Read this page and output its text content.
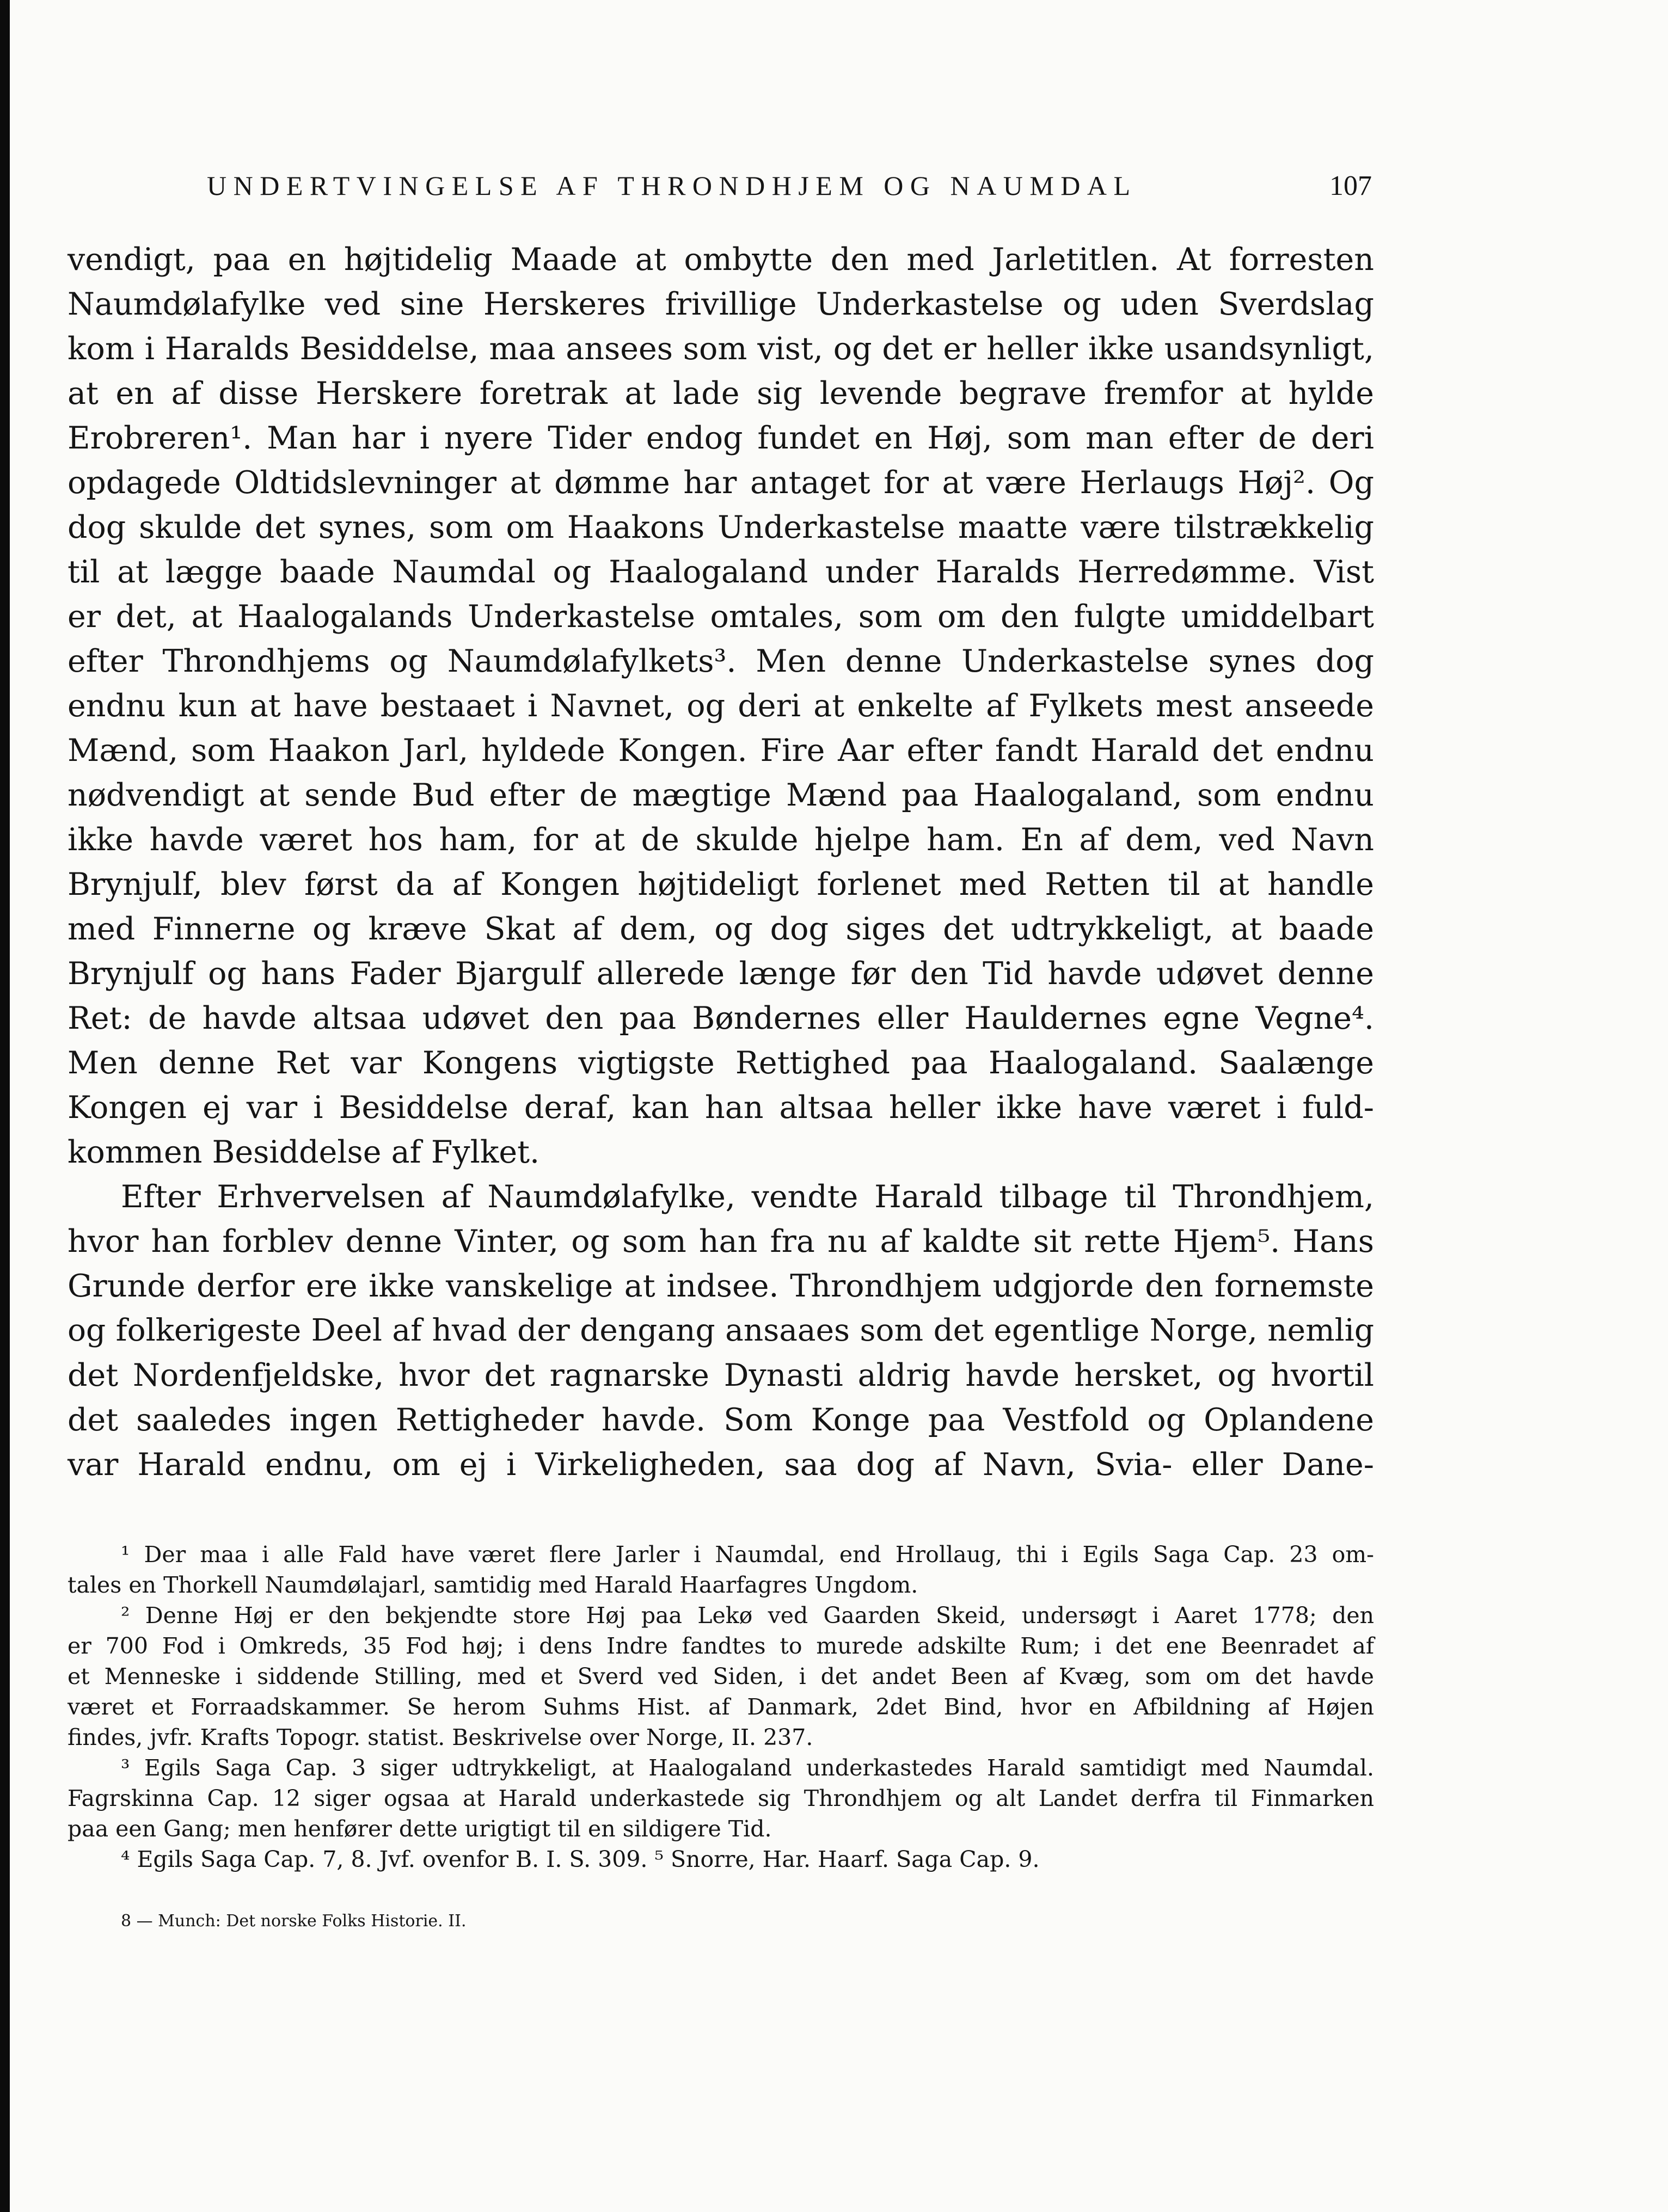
UNDERTVINGELSE AF THRONDHJEM OG NAUMDAL	107
vendigt, paa en højtidelig Maade at ombytte den med Jarletitlen. At forresten
Naumdølafylke ved sine Herskeres frivillige Underkastelse og uden Sverdslag
kom i Haralds Besiddelse, maa ansees som vist, og det er heller ikke usandsynligt,
at en af disse Herskere foretrak at lade sig levende begrave fremfor at hylde
Erobreren¹. Man har i nyere Tider endog fundet en Høj, som man efter de deri
opdagede Oldtidslevninger at dømme har antaget for at være Herlaugs Høj². Og
dog skulde det synes, som om Haakons Underkastelse maatte være tilstrækkelig
til at lægge baade Naumdal og Haalogaland under Haralds Herredømme. Vist
er det, at Haalogalands Underkastelse omtales, som om den fulgte umiddelbart
efter Throndhjems og Naumdølafylkets³. Men denne Underkastelse synes dog
endnu kun at have bestaaet i Navnet, og deri at enkelte af Fylkets mest anseede
Mænd, som Haakon Jarl, hyldede Kongen. Fire Aar efter fandt Harald det endnu
nødvendigt at sende Bud efter de mægtige Mænd paa Haalogaland, som endnu
ikke havde været hos ham, for at de skulde hjelpe ham. En af dem, ved Navn
Brynjulf, blev først da af Kongen højtideligt forlenet med Retten til at handle
med Finnerne og kræve Skat af dem, og dog siges det udtrykkeligt, at baade
Brynjulf og hans Fader Bjargulf allerede længe før den Tid havde udøvet denne
Ret: de havde altsaa udøvet den paa Bøndernes eller Hauldernes egne Vegne⁴.
Men denne Ret var Kongens vigtigste Rettighed paa Haalogaland. Saalænge
Kongen ej var i Besiddelse deraf, kan han altsaa heller ikke have været i fuld-
kommen Besiddelse af Fylket.
Efter Erhvervelsen af Naumdølafylke, vendte Harald tilbage til Throndhjem,
hvor han forblev denne Vinter, og som han fra nu af kaldte sit rette Hjem⁵. Hans
Grunde derfor ere ikke vanskelige at indsee. Throndhjem udgjorde den fornemste
og folkerigeste Deel af hvad der dengang ansaaes som det egentlige Norge, nemlig
det Nordenfjeldske, hvor det ragnarske Dynasti aldrig havde hersket, og hvortil
det saaledes ingen Rettigheder havde. Som Konge paa Vestfold og Oplandene
var Harald endnu, om ej i Virkeligheden, saa dog af Navn, Svia- eller Dane-
¹ Der maa i alle Fald have været flere Jarler i Naumdal, end Hrollaug, thi i Egils Saga Cap. 23 om-
tales en Thorkell Naumdølajarl, samtidig med Harald Haarfagres Ungdom.
² Denne Høj er den bekjendte store Høj paa Lekø ved Gaarden Skeid, undersøgt i Aaret 1778; den
er 700 Fod i Omkreds, 35 Fod høj; i dens Indre fandtes to murede adskilte Rum; i det ene Beenradet af
et Menneske i siddende Stilling, med et Sverd ved Siden, i det andet Been af Kvæg, som om det havde
været et Forraadskammer. Se herom Suhms Hist. af Danmark, 2det Bind, hvor en Afbildning af Højen
findes, jvfr. Krafts Topogr. statist. Beskrivelse over Norge, II. 237.
³ Egils Saga Cap. 3 siger udtrykkeligt, at Haalogaland underkastedes Harald samtidigt med Naumdal.
Fagrskinna Cap. 12 siger ogsaa at Harald underkastede sig Throndhjem og alt Landet derfra til Finmarken
paa een Gang; men henfører dette urigtigt til en sildigere Tid.
⁴ Egils Saga Cap. 7, 8. Jvf. ovenfor B. I. S. 309. ⁵ Snorre, Har. Haarf. Saga Cap. 9.
8 — Munch: Det norske Folks Historie. II.
